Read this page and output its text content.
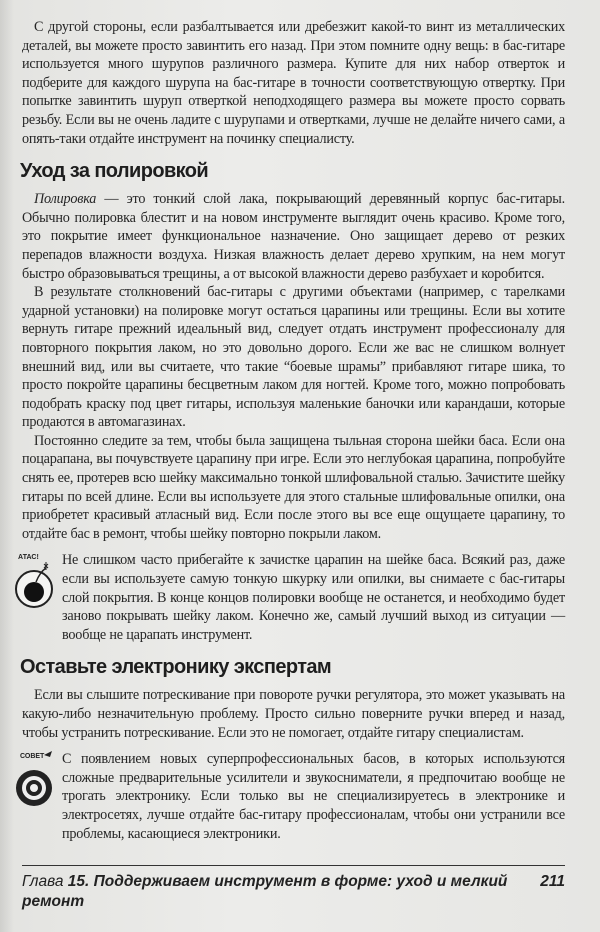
С другой стороны, если разбалтывается или дребезжит какой-то винт из металлических деталей, вы можете просто завинтить его назад. При этом помните одну вещь: в бас-гитаре используется много шурупов различного размера. Купите для них набор отверток и подберите для каждого шурупа на бас-гитаре в точности соответствующую отвертку. При попытке завинтить шуруп отверткой неподходящего размера вы можете просто сорвать резьбу. Если вы не очень ладите с шурупами и отвертками, лучше не делайте ничего сами, а опять-таки отдайте инструмент на починку специалисту.

Уход за полировкой

Полировка — это тонкий слой лака, покрывающий деревянный корпус бас-гитары. Обычно полировка блестит и на новом инструменте выглядит очень красиво. Кроме того, это покрытие имеет функциональное назначение. Оно защищает дерево от резких перепадов влажности воздуха. Низкая влажность делает дерево хрупким, на нем могут быстро образовываться трещины, а от высокой влажности дерево разбухает и коробится.

В результате столкновений бас-гитары с другими объектами (например, с тарелками ударной установки) на полировке могут остаться царапины или трещины. Если вы хотите вернуть гитаре прежний идеальный вид, следует отдать инструмент профессионалу для повторного покрытия лаком, но это довольно дорого. Если же вас не слишком волнует внешний вид, или вы считаете, что такие “боевые шрамы” прибавляют гитаре шика, то просто покройте царапины бесцветным лаком для ногтей. Кроме того, можно попробовать подобрать краску под цвет гитары, используя маленькие баночки или карандаши, которые продаются в автомагазинах.

Постоянно следите за тем, чтобы была защищена тыльная сторона шейки баса. Если она поцарапана, вы почувствуете царапину при игре. Если это неглубокая царапина, попробуйте снять ее, протерев всю шейку максимально тонкой шлифовальной сталью. Зачистите шейку гитары по всей длине. Если вы используете для этого стальные шлифовальные опилки, она приобретет красивый атласный вид. Если после этого вы все еще ощущаете царапину, то отдайте бас в ремонт, чтобы шейку повторно покрыли лаком.

АТАС! Не слишком часто прибегайте к зачистке царапин на шейке баса. Всякий раз, даже если вы используете самую тонкую шкурку или опилки, вы снимаете с бас-гитары слой покрытия. В конце концов полировки вообще не останется, и необходимо будет заново покрывать шейку лаком. Конечно же, самый лучший выход из ситуации — вообще не царапать инструмент.

Оставьте электронику экспертам

Если вы слышите потрескивание при повороте ручки регулятора, это может указывать на какую-либо незначительную проблему. Просто сильно поверните ручки вперед и назад, чтобы устранить потрескивание. Если это не помогает, отдайте гитару специалистам.

СОВЕТ С появлением новых суперпрофессиональных басов, в которых используются сложные предварительные усилители и звукосниматели, я предпочитаю вообще не трогать электронику. Если только вы не специализируетесь в электронике и электросетях, лучше отдайте бас-гитару профессионалам, чтобы они устранили все проблемы, касающиеся электроники.

Глава 15. Поддерживаем инструмент в форме: уход и мелкий ремонт
211
